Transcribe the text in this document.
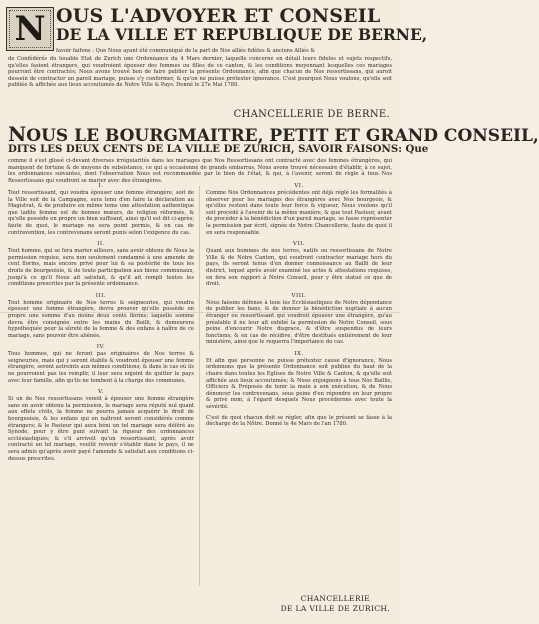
N OUS L'ADVOYER ET CONSEIL
DE LA VILLE ET REPUBLIQUE DE BERNE,
favoir faifons : Que Nous ayant été communiqué de la part de Nos alliés fidèles & anciens Alliés &
de Confédérés du louable Etat de Zurich une Ordonnance du 4 Mars dernier, laquelle concerne en détail leurs fideles et sujets respectifs, qu'elles fasient étrangers, qui voudroient épouser des femmes ou filles de ce canton, & les conditions moyennant lesquelles ces mariages pourront être contractés; Nous avons trouvé bon de faire publier la présente Ordonnance, afin que chacun de Nos ressortissans, qui auroit dessein de contracter un pareil mariage, puisse s'y conformer, & qu'on ne puisse prétexter ignorance. C'est pourquoi Nous voulons, qu'elle soit publiée & affichée aux lieux accoutumés de Notre Ville & Pays. Donné le 27e Mai 1780.
CHANCELLERIE DE BERNE.
NOUS LE BOURGMAITRE, PETIT ET GRAND CONSEIL,
DITS LES DEUX CENTS DE LA VILLE DE ZURICH, SAVOIR FAISONS: Que
comme il s'est glissé ci-devant diverses irrégularités dans les mariages que Nos Ressortissans ont contracté avec des femmes étrangères, qui manquent de fortune & de moyens de subsistance, ce qui a occasionné de grands embarras, Nous avons trouvé nécessaire d'établir, à ce sujet, les ordonnances suivantes, dont l'observation Nous est recommandée par le bien de l'état, & qui, à l'avenir, seront de règle à tous Nos Ressortissans qui voudront se marier avec des étrangères.
I.
Tout ressortissant, qui voudra épouser une femme étrangère, soit de la Ville soit de la Campagne, sera tenu d'en faire la déclaration au Magistrat, & de produire en même tems une attestation authentique que ladite femme est de bonnes mœurs, de religion réformée, & qu'elle possède en propre un bien suffisant, ainsi qu'il est dit ci-après; faute de quoi, le mariage ne sera point permis, & en cas de contravention, les contrevenans seront punis selon l'exigence du cas.
II.
Tout homme, qui se fera marier ailleurs, sans avoir obtenu de Nous la permission requise, sera non seulement condamné à une amende de cent florins, mais encore privé pour lui & sa postérité de tous les droits de bourgeoisie, & de toute participation aux biens communaux, jusqu'à ce qu'il Nous ait satisfait, & qu'il ait rempli toutes les conditions prescrites par la présente ordonnance.
III.
Tout homme originaire de Nos terres & seigneuries, qui voudra épouser une femme étrangère, devra prouver qu'elle possède en propre une somme d'au moins deux cents florins; laquelle somme devra être consignée entre les mains du Bailli, & demeurera hypothéquée pour la sûreté de la femme & des enfans à naître de ce mariage, sans pouvoir être aliénée.
IV.
Tous hommes, qui ne feront pas originaires de Nos terres & seigneuries, mais qui y seront établis & voudront épouser une femme étrangère, seront astreints aux mêmes conditions; & dans le cas où ils ne pourroient pas les remplir, il leur sera enjoint de quitter le pays avec leur famille, afin qu'ils ne tombent à la charge des communes.
V.
Si un de Nos ressortissans venoit à épouser une femme étrangère sans en avoir obtenu la permission, le mariage sera réputé nul quant aux effets civils, la femme ne pourra jamais acquérir le droit de bourgeoisie, & les enfans qui en naîtront seront considérés comme étrangers; & le Pasteur qui aura béni un tel mariage sera déféré au Synode, pour y être puni suivant la rigueur des ordonnances ecclésiastiques; & s'il arrivoit qu'un ressortissant, après avoir contracté un tel mariage, voulût revenir s'établir dans le pays, il ne sera admis qu'après avoir payé l'amende & satisfait aux conditions ci-dessus prescrites.
VI.
Comme Nos Ordonnances précédentes ont déjà réglé les formalités à observer pour les mariages des étrangères avec Nos bourgeois, & qu'elles restent dans toute leur force & vigueur, Nous voulons qu'il soit procédé à l'avenir de la même manière, & que tout Pasteur, avant de procéder à la bénédiction d'un pareil mariage, se fasse représenter la permission par écrit, signée de Notre Chancellerie, faute de quoi il en sera responsable.
VII.
Quant aux hommes de nos terres, natifs ou ressortissans de Notre Ville & de Notre Canton, qui voudront contracter mariage hors du pays, ils seront tenus d'en donner connoissance au Bailli de leur district, lequel après avoir examiné les actes & attestations requises, en fera son rapport à Notre Conseil, pour y être statué ce que de droit.
VIII.
Nous faisons défense à tous les Ecclésiastiques de Notre dépendance de publier les bans, & de donner la bénédiction nuptiale à aucun étranger ou ressortissant qui voudroit épouser une étrangère, qu'au préalable il ne leur ait exhibé la permission de Notre Conseil, sous peine d'encourir Notre disgrace, & d'être suspendus de leurs fonctions; & en cas de récidive, d'être destitués entièrement de leur ministère, ainsi que le requerra l'importance du cas.
IX.
Et afin que personne ne puisse prétexter cause d'ignorance, Nous ordonnons que la présente Ordonnance soit publiée du haut de la chaire dans toutes les Eglises de Notre Ville & Canton, & qu'elle soit affichée aux lieux accoutumés; & Nous enjoignons à tous Nos Baillis, Officiers & Préposés de tenir la main à son exécution, & de Nous dénoncer les contrevenans, sous peine d'en répondre en leur propre & privé nom, à l'égard desquels Nous procéderons avec toute la sévérité.
C'est de quoi chacun doit se régler, afin que le présent se fasse à la décharge de la Nôtre. Donné le 4e Mars de l'an 1780.
CHANCELLERIE
DE LA VILLE DE ZURICH.
